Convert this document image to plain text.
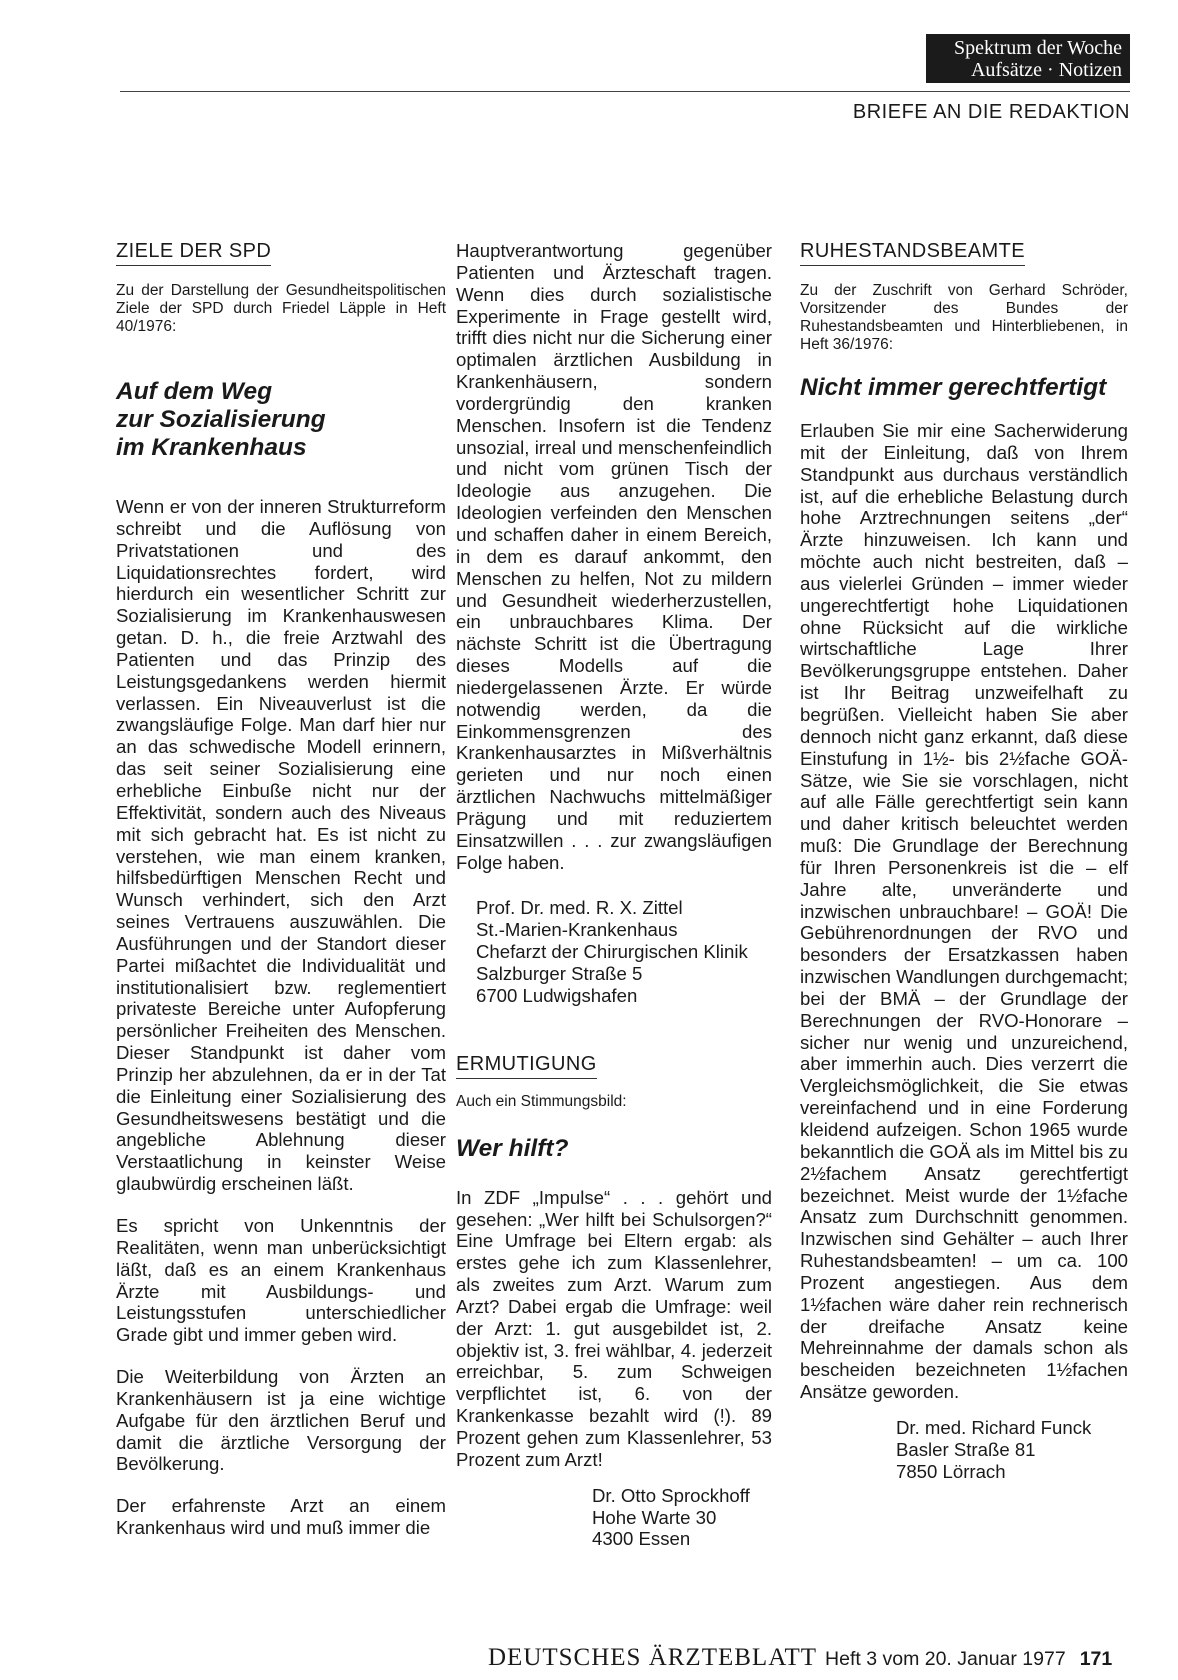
Spektrum der Woche
Aufsätze · Notizen
BRIEFE AN DIE REDAKTION
ZIELE DER SPD

Zu der Darstellung der Gesundheitspolitischen Ziele der SPD durch Friedel Läpple in Heft 40/1976:

Auf dem Weg

zur Sozialisierung

im Krankenhaus

Wenn er von der inneren Strukturreform schreibt und die Auflösung von Privatstationen und des Liquidationsrechtes fordert, wird hierdurch ein wesentlicher Schritt zur Sozialisierung im Krankenhauswesen getan. D. h., die freie Arztwahl des Patienten und das Prinzip des Leistungsgedankens werden hiermit verlassen. Ein Niveauverlust ist die zwangsläufige Folge. Man darf hier nur an das schwedische Modell erinnern, das seit seiner Sozialisierung eine erhebliche Einbuße nicht nur der Effektivität, sondern auch des Niveaus mit sich gebracht hat. Es ist nicht zu verstehen, wie man einem kranken, hilfsbedürftigen Menschen Recht und Wunsch verhindert, sich den Arzt seines Vertrauens auszuwählen. Die Ausführungen und der Standort dieser Partei mißachtet die Individualität und institutionalisiert bzw. reglementiert privateste Bereiche unter Aufopferung persönlicher Freiheiten des Menschen. Dieser Standpunkt ist daher vom Prinzip her abzulehnen, da er in der Tat die Einleitung einer Sozialisierung des Gesundheitswesens bestätigt und die angebliche Ablehnung dieser Verstaatlichung in keinster Weise glaubwürdig erscheinen läßt.

Es spricht von Unkenntnis der Realitäten, wenn man unberücksichtigt läßt, daß es an einem Krankenhaus Ärzte mit Ausbildungs- und Leistungsstufen unterschiedlicher Grade gibt und immer geben wird.

Die Weiterbildung von Ärzten an Krankenhäusern ist ja eine wichtige Aufgabe für den ärztlichen Beruf und damit die ärztliche Versorgung der Bevölkerung.

Der erfahrenste Arzt an einem Krankenhaus wird und muß immer die

Hauptverantwortung gegenüber Patienten und Ärzteschaft tragen. Wenn dies durch sozialistische Experimente in Frage gestellt wird, trifft dies nicht nur die Sicherung einer optimalen ärztlichen Ausbildung in Krankenhäusern, sondern vordergründig den kranken Menschen. Insofern ist die Tendenz unsozial, irreal und menschenfeindlich und nicht vom grünen Tisch der Ideologie aus anzugehen. Die Ideologien verfeinden den Menschen und schaffen daher in einem Bereich, in dem es darauf ankommt, den Menschen zu helfen, Not zu mildern und Gesundheit wiederherzustellen, ein unbrauchbares Klima. Der nächste Schritt ist die Übertragung dieses Modells auf die niedergelassenen Ärzte. Er würde notwendig werden, da die Einkommensgrenzen des Krankenhausarztes in Mißverhältnis gerieten und nur noch einen ärztlichen Nachwuchs mittelmäßiger Prägung und mit reduziertem Einsatzwillen . . . zur zwangsläufigen Folge haben.

Prof. Dr. med. R. X. Zittel
St.-Marien-Krankenhaus
Chefarzt der Chirurgischen Klinik
Salzburger Straße 5
6700 Ludwigshafen
ERMUTIGUNG

Auch ein Stimmungsbild:

Wer hilft?

In ZDF „Impulse“ . . . gehört und gesehen: „Wer hilft bei Schulsorgen?“ Eine Umfrage bei Eltern ergab: als erstes gehe ich zum Klassenlehrer, als zweites zum Arzt. Warum zum Arzt? Dabei ergab die Umfrage: weil der Arzt: 1. gut ausgebildet ist, 2. objektiv ist, 3. frei wählbar, 4. jederzeit erreichbar, 5. zum Schweigen verpflichtet ist, 6. von der Krankenkasse bezahlt wird (!). 89 Prozent gehen zum Klassenlehrer, 53 Prozent zum Arzt!

Dr. Otto Sprockhoff
Hohe Warte 30
4300 Essen
RUHESTANDSBEAMTE

Zu der Zuschrift von Gerhard Schröder, Vorsitzender des Bundes der Ruhestandsbeamten und Hinterbliebenen, in Heft 36/1976:

Nicht immer gerechtfertigt

Erlauben Sie mir eine Sacherwiderung mit der Einleitung, daß von Ihrem Standpunkt aus durchaus verständlich ist, auf die erhebliche Belastung durch hohe Arztrechnungen seitens „der“ Ärzte hinzuweisen. Ich kann und möchte auch nicht bestreiten, daß – aus vielerlei Gründen – immer wieder ungerechtfertigt hohe Liquidationen ohne Rücksicht auf die wirkliche wirtschaftliche Lage Ihrer Bevölkerungsgruppe entstehen. Daher ist Ihr Beitrag unzweifelhaft zu begrüßen. Vielleicht haben Sie aber dennoch nicht ganz erkannt, daß diese Einstufung in 1½- bis 2½fache GOÄ-Sätze, wie Sie sie vorschlagen, nicht auf alle Fälle gerechtfertigt sein kann und daher kritisch beleuchtet werden muß: Die Grundlage der Berechnung für Ihren Personenkreis ist die – elf Jahre alte, unveränderte und inzwischen unbrauchbare! – GOÄ! Die Gebührenordnungen der RVO und besonders der Ersatzkassen haben inzwischen Wandlungen durchgemacht; bei der BMÄ – der Grundlage der Berechnungen der RVO-Honorare – sicher nur wenig und unzureichend, aber immerhin auch. Dies verzerrt die Vergleichsmöglichkeit, die Sie etwas vereinfachend und in eine Forderung kleidend aufzeigen. Schon 1965 wurde bekanntlich die GOÄ als im Mittel bis zu 2½fachem Ansatz gerechtfertigt bezeichnet. Meist wurde der 1½fache Ansatz zum Durchschnitt genommen. Inzwischen sind Gehälter – auch Ihrer Ruhestandsbeamten! – um ca. 100 Prozent angestiegen. Aus dem 1½fachen wäre daher rein rechnerisch der dreifache Ansatz keine Mehreinnahme der damals schon als bescheiden bezeichneten 1½fachen Ansätze geworden.

Dr. med. Richard Funck
Basler Straße 81
7850 Lörrach
DEUTSCHES ÄRZTEBLATT Heft 3 vom 20. Januar 1977 171
